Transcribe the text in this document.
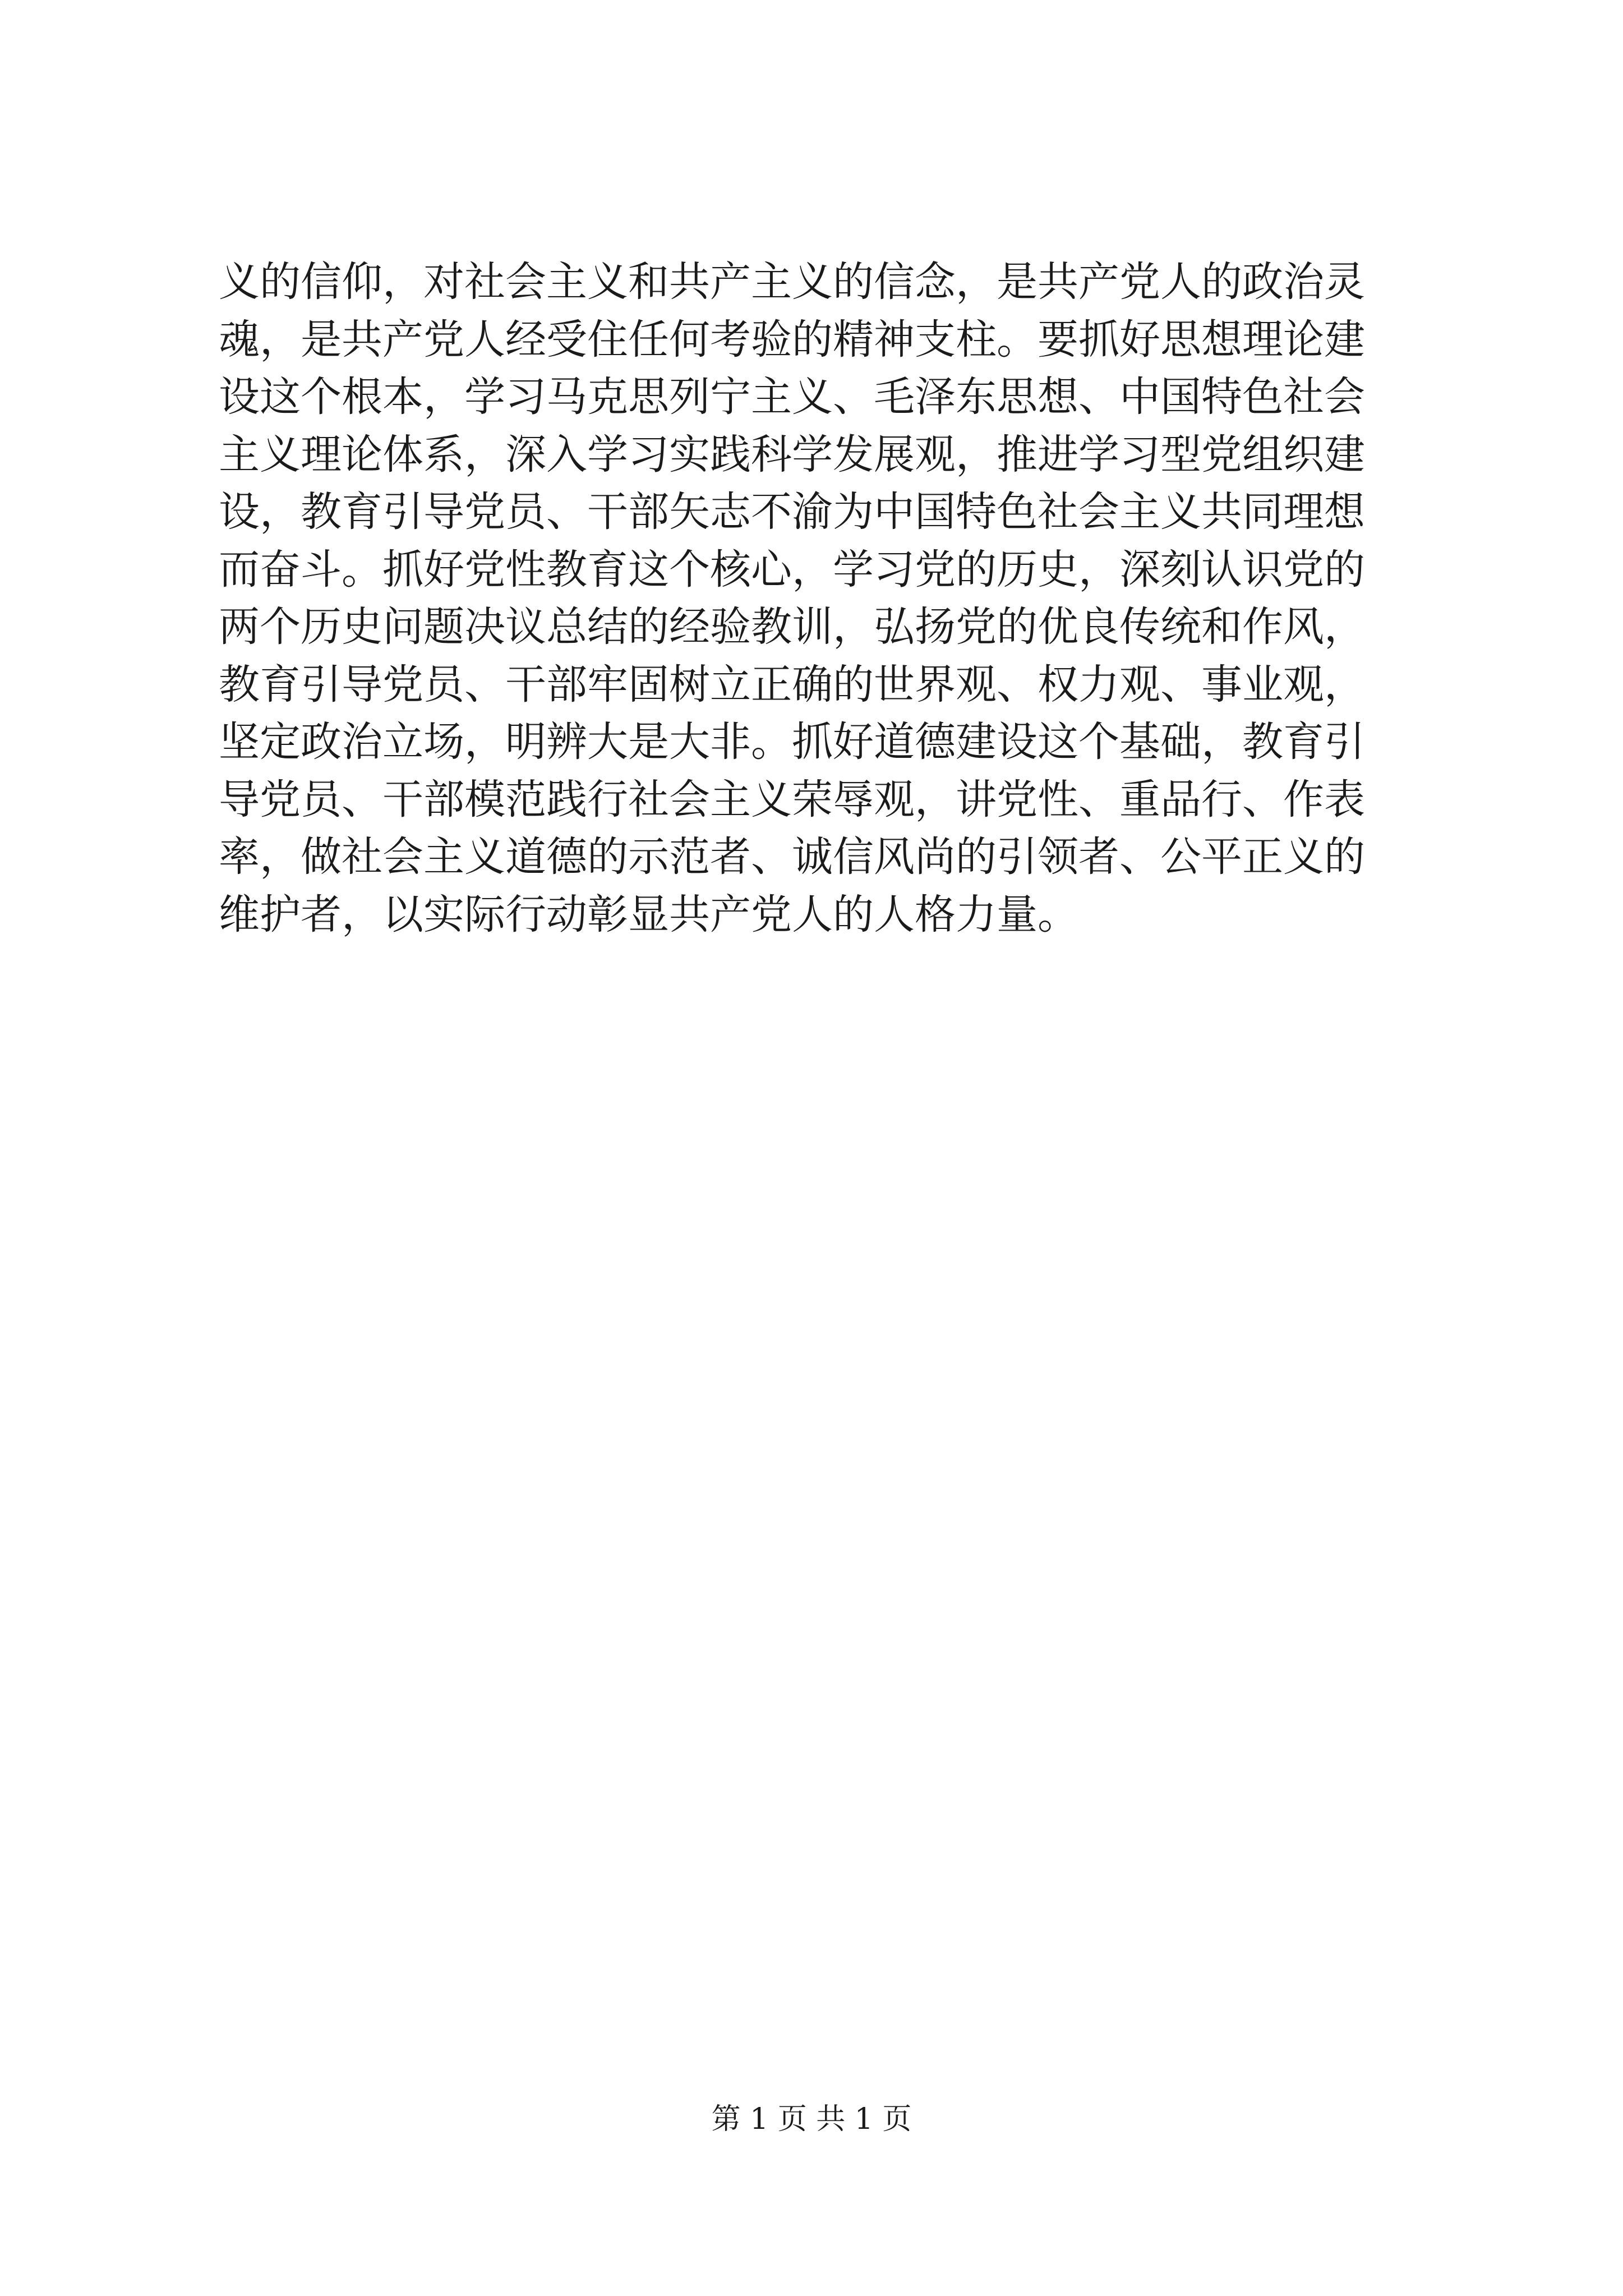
义的信仰，对社会主义和共产主义的信念，是共产党人的政治灵
魂，是共产党人经受住任何考验的精神支柱。要抓好思想理论建
设这个根本，学习马克思列宁主义、毛泽东思想、中国特色社会
主义理论体系，深入学习实践科学发展观，推进学习型党组织建
设，教育引导党员、干部矢志不渝为中国特色社会主义共同理想
而奋斗。抓好党性教育这个核心，学习党的历史，深刻认识党的
两个历史问题决议总结的经验教训，弘扬党的优良传统和作风，
教育引导党员、干部牢固树立正确的世界观、权力观、事业观，
坚定政治立场，明辨大是大非。抓好道德建设这个基础，教育引
导党员、干部模范践行社会主义荣辱观，讲党性、重品行、作表
率，做社会主义道德的示范者、诚信风尚的引领者、公平正义的
维护者，以实际行动彰显共产党人的人格力量。

第 1 页 共 1 页
